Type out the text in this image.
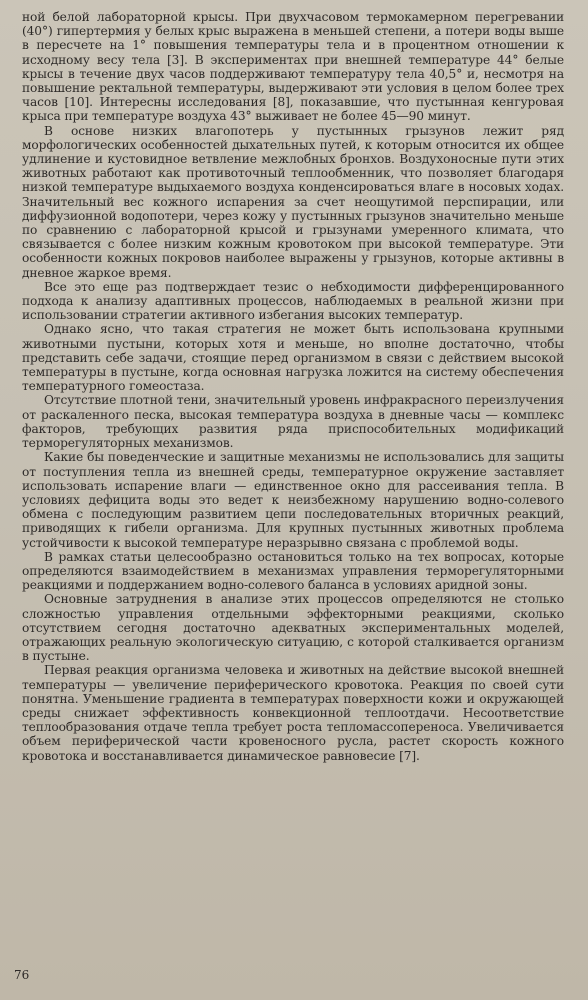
ной белой лабораторной крысы. При двухчасовом термокамерном перегревании (40°) гипертермия у белых крыс выражена в меньшей степени, а потери воды выше в пересчете на 1° повышения температуры тела и в процентном отношении к исходному весу тела [3]. В экспериментах при внешней температуре 44° белые крысы в течение двух часов поддерживают температуру тела 40,5° и, несмотря на повышение ректальной температуры, выдерживают эти условия в целом более трех часов [10]. Интересны исследования [8], показавшие, что пустынная кенгуровая крыса при температуре воздуха 43° выживает не более 45—90 минут.

В основе низких влагопотерь у пустынных грызунов лежит ряд морфологических особенностей дыхательных путей, к которым относится их общее удлинение и кустовидное ветвление межлобных бронхов. Воздухоносные пути этих животных работают как противоточный теплообменник, что позволяет благодаря низкой температуре выдыхаемого воздуха конденсироваться влаге в носовых ходах. Значительный вес кожного испарения за счет неощутимой перспирации, или диффузионной водопотери, через кожу у пустынных грызунов значительно меньше по сравнению с лабораторной крысой и грызунами умеренного климата, что связывается с более низким кожным кровотоком при высокой температуре. Эти особенности кожных покровов наиболее выражены у грызунов, которые активны в дневное жаркое время.

Все это еще раз подтверждает тезис о небходимости дифференцированного подхода к анализу адаптивных процессов, наблюдаемых в реальной жизни при использовании стратегии активного избегания высоких температур.

Однако ясно, что такая стратегия не может быть использована крупными животными пустыни, которых хотя и меньше, но вполне достаточно, чтобы представить себе задачи, стоящие перед организмом в связи с действием высокой температуры в пустыне, когда основная нагрузка ложится на систему обеспечения температурного гомеостаза.

Отсутствие плотной тени, значительный уровень инфракрасного переизлучения от раскаленного песка, высокая температура воздуха в дневные часы — комплекс факторов, требующих развития ряда приспособительных модификаций терморегуляторных механизмов.

Какие бы поведенческие и защитные механизмы не использовались для защиты от поступления тепла из внешней среды, температурное окружение заставляет использовать испарение влаги — единственное окно для рассеивания тепла. В условиях дефицита воды это ведет к неизбежному нарушению водно-солевого обмена с последующим развитием цепи последовательных вторичных реакций, приводящих к гибели организма. Для крупных пустынных животных проблема устойчивости к высокой температуре неразрывно связана с проблемой воды.

В рамках статьи целесообразно остановиться только на тех вопросах, которые определяются взаимодействием в механизмах управления терморегуляторными реакциями и поддержанием водно-солевого баланса в условиях аридной зоны.

Основные затруднения в анализе этих процессов определяются не столько сложностью управления отдельными эффекторными реакциями, сколько отсутствием сегодня достаточно адекватных экспериментальных моделей, отражающих реальную экологическую ситуацию, с которой сталкивается организм в пустыне.

Первая реакция организма человека и животных на действие высокой внешней температуры — увеличение периферического кровотока. Реакция по своей сути понятна. Уменьшение градиента в температурах поверхности кожи и окружающей среды снижает эффективность конвекционной теплоотдачи. Несоответствие теплообразования отдаче тепла требует роста тепломассопереноса. Увеличивается объем периферической части кровеносного русла, растет скорость кожного кровотока и восстанавливается динамическое равновесие [7].

76
